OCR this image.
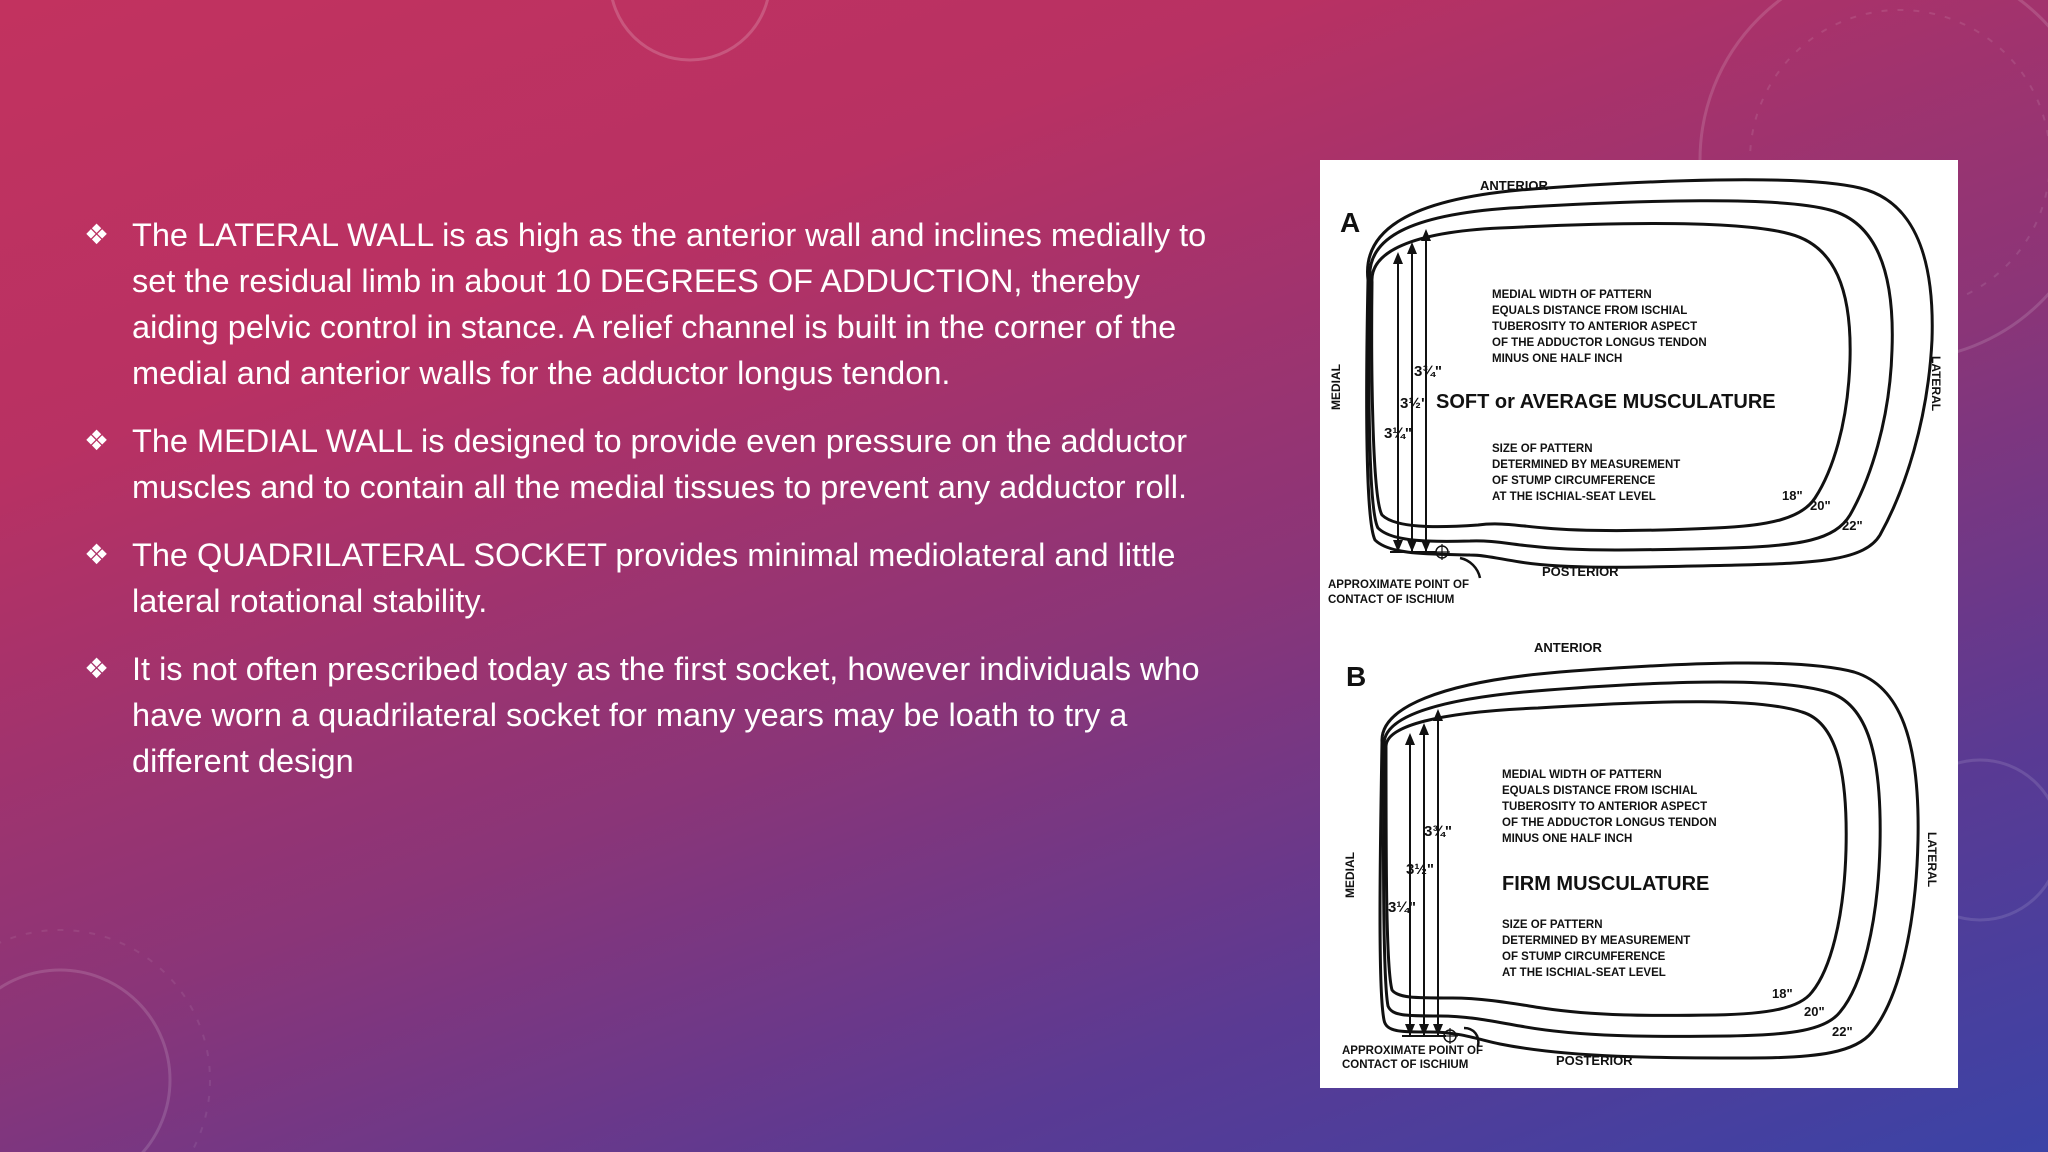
❖ The LATERAL WALL is as high as the anterior wall and inclines medially to set the residual limb in about 10 DEGREES OF ADDUCTION, thereby aiding pelvic control in stance. A relief channel is built in the corner of the medial and anterior walls for the adductor longus tendon.
❖ The MEDIAL WALL is designed to provide even pressure on the adductor muscles and to contain all the medial tissues to prevent any adductor roll.
❖ The QUADRILATERAL SOCKET provides minimal mediolateral and little lateral rotational stability.
❖ It is not often prescribed today as the first socket, however individuals who have worn a quadrilateral socket for many years may be loath to try a different design
A
ANTERIOR
POSTERIOR
MEDIAL	LATERAL
3¾"
3½"
3¼"
MEDIAL WIDTH OF PATTERN EQUALS DISTANCE FROM ISCHIAL TUBEROSITY TO ANTERIOR ASPECT OF THE ADDUCTOR LONGUS TENDON MINUS ONE HALF INCH
SOFT or AVERAGE MUSCULATURE
SIZE OF PATTERN DETERMINED BY MEASUREMENT OF STUMP CIRCUMFERENCE AT THE ISCHIAL-SEAT LEVEL	18"
20"
22"
APPROXIMATE POINT OF CONTACT OF ISCHIUM
B
ANTERIOR
POSTERIOR
MEDIAL	LATERAL
3¾"
3½"
3¼"
MEDIAL WIDTH OF PATTERN EQUALS DISTANCE FROM ISCHIAL TUBEROSITY TO ANTERIOR ASPECT OF THE ADDUCTOR LONGUS TENDON MINUS ONE HALF INCH
FIRM MUSCULATURE
SIZE OF PATTERN DETERMINED BY MEASUREMENT OF STUMP CIRCUMFERENCE AT THE ISCHIAL-SEAT LEVEL
18"
20"
22"
APPROXIMATE POINT OF CONTACT OF ISCHIUM
